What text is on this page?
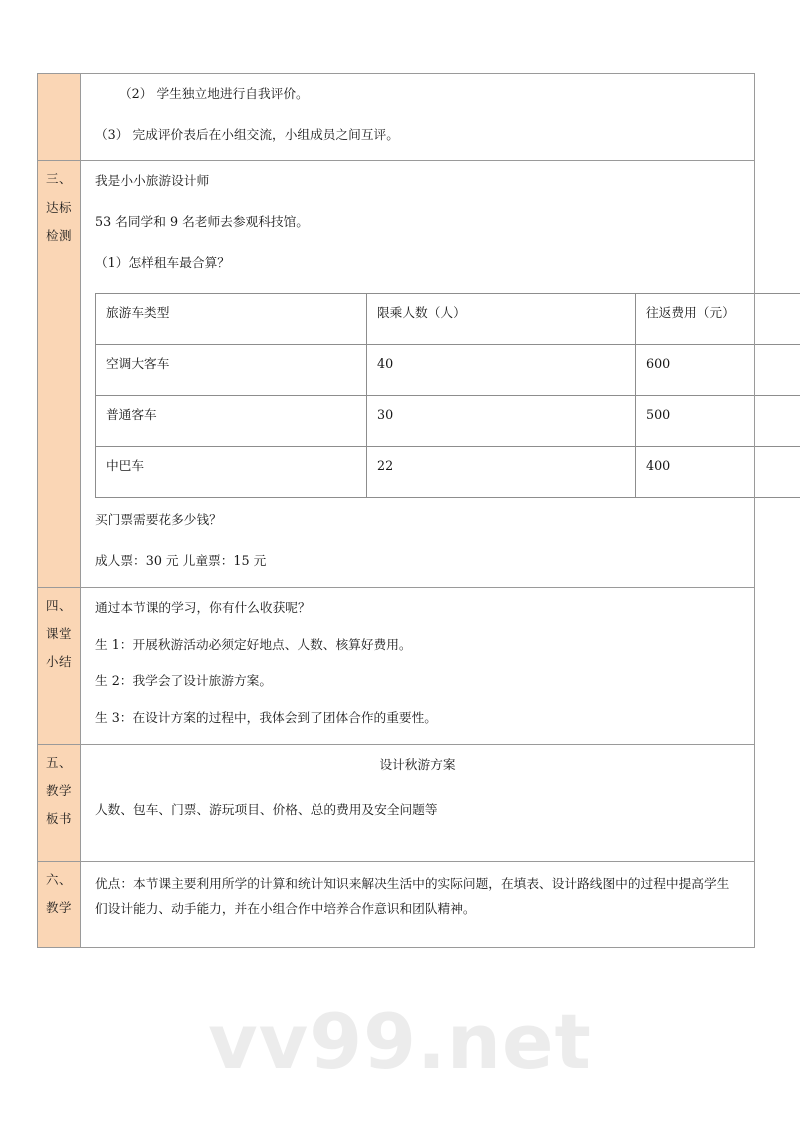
vv99.net

（2） 学生独立地进行自我评价。

（3） 完成评价表后在小组交流，小组成员之间互评。

三、
达标
检测

我是小小旅游设计师

53 名同学和 9 名老师去参观科技馆。

（1）怎样租车最合算？

旅游车类型	限乘人数（人）	往返费用（元）
空调大客车	40	600
普通客车	30	500
中巴车	22	400

买门票需要花多少钱？

成人票：30 元 儿童票：15 元

四、
课堂
小结

通过本节课的学习，你有什么收获呢？

生 1：开展秋游活动必须定好地点、人数、核算好费用。

生 2：我学会了设计旅游方案。

生 3：在设计方案的过程中，我体会到了团体合作的重要性。

五、
教学
板书

设计秋游方案

人数、包车、门票、游玩项目、价格、总的费用及安全问题等

六、
教学

优点：本节课主要利用所学的计算和统计知识来解决生活中的实际问题，在填表、设计路线图中的过程中提高学生们设计能力、动手能力，并在小组合作中培养合作意识和团队精神。
